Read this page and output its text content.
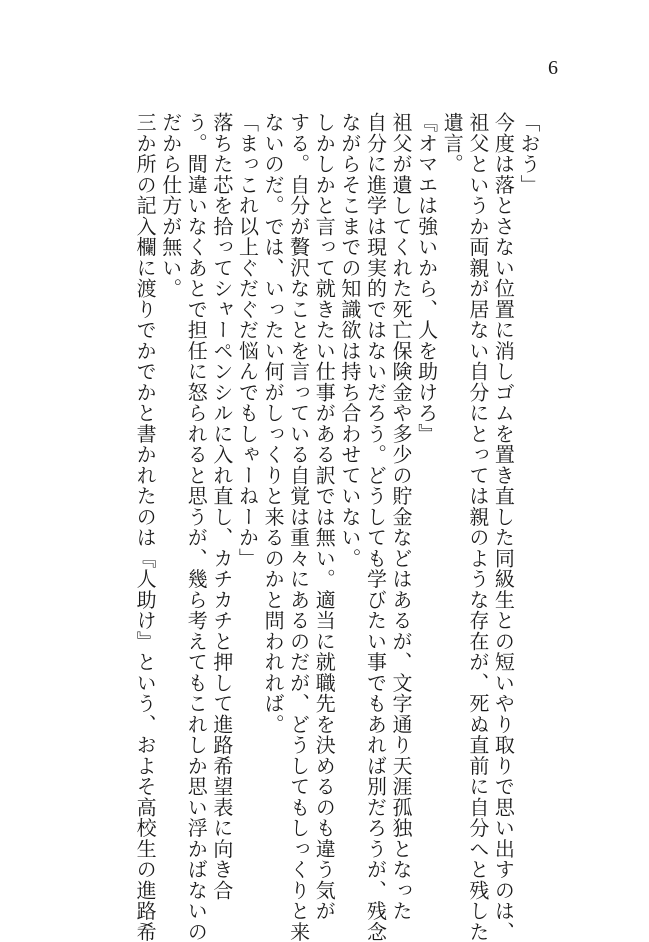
6
「おう」
今度は落とさない位置に消しゴムを置き直した同級生との短いやり取りで思い出すのは、
祖父というか両親が居ない自分にとっては親のような存在が、死ぬ直前に自分へと残した
遺言。
『オマエは強いから、人を助けろ』
祖父が遺してくれた死亡保険金や多少の貯金などはあるが、文字通り天涯孤独となった
自分に進学は現実的ではないだろう。どうしても学びたい事でもあれば別だろうが、残念
ながらそこまでの知識欲は持ち合わせていない。
しかしかと言って就きたい仕事がある訳では無い。適当に就職先を決めるのも違う気が
する。自分が贅沢なことを言っている自覚は重々にあるのだが、どうしてもしっくりと来
ないのだ。では、いったい何がしっくりと来るのかと問われれば。
「まっこれ以上ぐだぐだ悩んでもしゃーねーか」
落ちた芯を拾ってシャーペンシルに入れ直し、カチカチと押して進路希望表に向き合
う。間違いなくあとで担任に怒られると思うが、幾ら考えてもこれしか思い浮かばないの
だから仕方が無い。
三か所の記入欄に渡りでかでかと書かれたのは『人助け』という、およそ高校生の進路希
